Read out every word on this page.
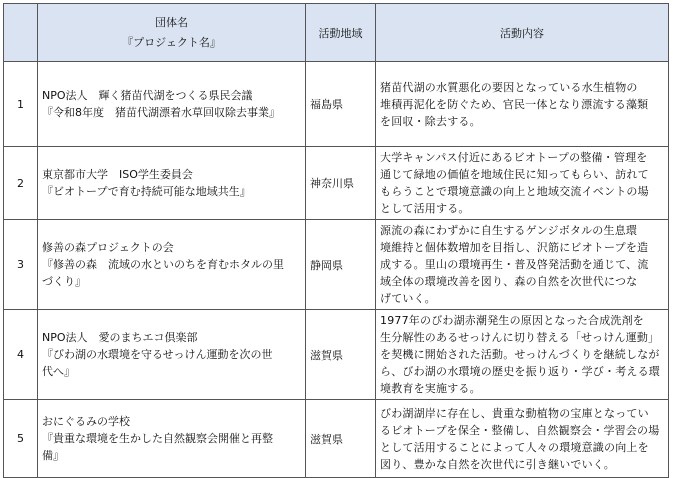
	団体名
『プロジェクト名』	活動地域	活動内容
1	NPO法人　輝く猪苗代湖をつくる県民会議
『令和8年度　猪苗代湖漂着水草回収除去事業』	福島県	猪苗代湖の水質悪化の要因となっている水生植物の
堆積再泥化を防ぐため、官民一体となり漂流する藻類
を回収・除去する。

2	東京都市大学　ISO学生委員会
『ビオトープで育む持続可能な地域共生』	神奈川県	大学キャンパス付近にあるビオトープの整備・管理を
通じて緑地の価値を地域住民に知ってもらい、訪れて
もらうことで環境意識の向上と地域交流イベントの場
として活用する。

3	修善の森プロジェクトの会
『修善の森　流域の水といのちを育むホタルの里
づくり』	静岡県	源流の森にわずかに自生するゲンジボタルの生息環
境維持と個体数増加を目指し、沢筋にビオトープを造
成する。里山の環境再生・普及啓発活動を通じて、流
域全体の環境改善を図り、森の自然を次世代につな
げていく。

4	NPO法人　愛のまちエコ倶楽部
『びわ湖の水環境を守るせっけん運動を次の世
代へ』	滋賀県	1977年のびわ湖赤潮発生の原因となった合成洗剤を
生分解性のあるせっけんに切り替える「せっけん運動」
を契機に開始された活動。せっけんづくりを継続しなが
ら、びわ湖の水環境の歴史を振り返り・学び・考える環
境教育を実施する。

5	おにぐるみの学校
『貴重な環境を生かした自然観察会開催と再整
備』	滋賀県	びわ湖湖岸に存在し、貴重な動植物の宝庫となってい
るビオトープを保全・整備し、自然観察会・学習会の場
として活用することによって人々の環境意識の向上を
図り、豊かな自然を次世代に引き継いでいく。
